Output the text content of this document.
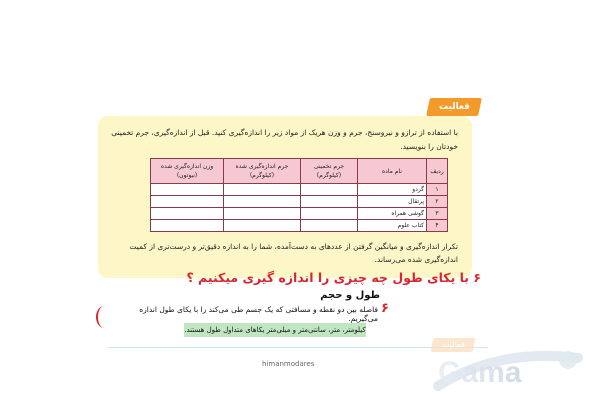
فعالیت
با استفاده از ترازو و نیروسنج، جرم و وزن هریک از مواد زیر را اندازه‌گیری کنید. قبل از اندازه‌گیری، جرم تخمینی خودتان را بنویسید.
ردیف	نام ماده	جرم تخمینی (کیلوگرم)	جرم اندازه‌گیری شده (کیلوگرم)	وزن اندازه‌گیری شده (نیوتون)
۱	گردو			
۲	پرتقال			
۳	گوشی همراه			
۴	کتاب علوم			
تکرار اندازه‌گیری و میانگین گرفتن از عددهای به دست‌آمده، شما را به اندازه دقیق‌تر و درست‌تری از کمیت اندازه‌گیری شده می‌رساند.
۶ با یکای طول چه چیزی را اندازه گیری میکنیم ؟
طول و حجم
۶
فاصله بین دو نقطه و مسافتی که یک جسم طی می‌کند را با یکای طول اندازه می‌گیریم.
کیلومتر، متر، سانتی‌متر و میلی‌متر یکاهای متداول طول هستند.
himanmodares
فعالیت
Gama
